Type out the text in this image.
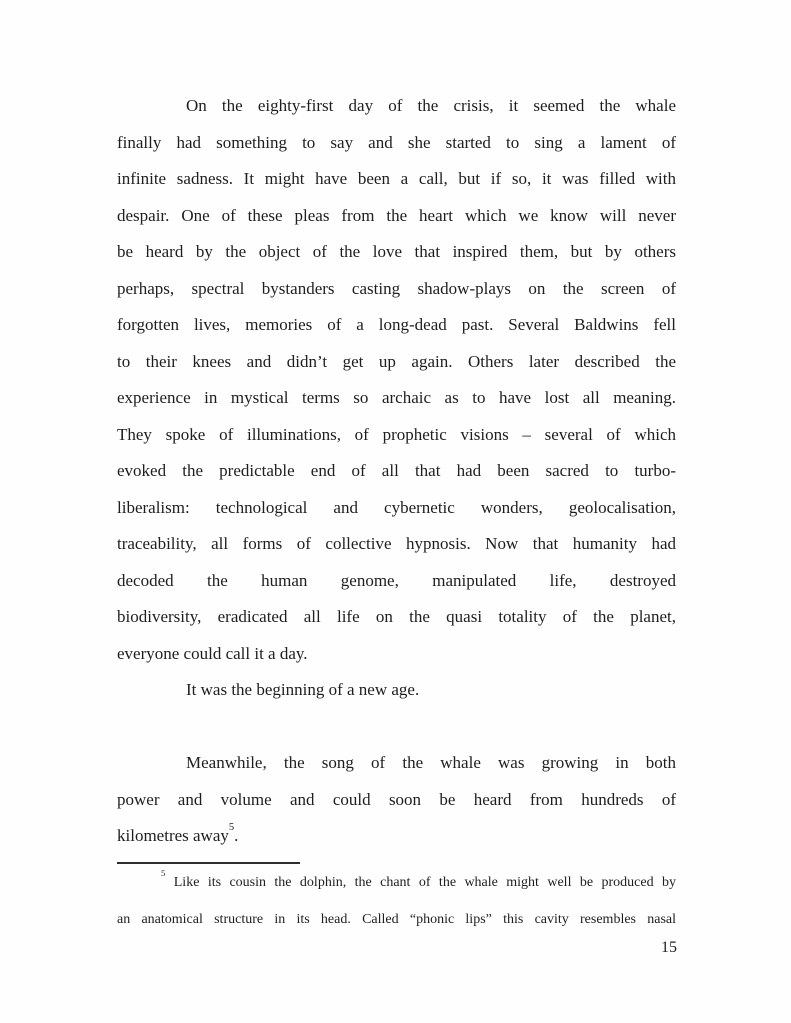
On the eighty-first day of the crisis, it seemed the whale
finally had something to say and she started to sing a lament of
infinite sadness. It might have been a call, but if so, it was filled with
despair. One of these pleas from the heart which we know will never
be heard by the object of the love that inspired them, but by others
perhaps, spectral bystanders casting shadow-plays on the screen of
forgotten lives, memories of a long-dead past. Several Baldwins fell
to their knees and didn’t get up again. Others later described the
experience in mystical terms so archaic as to have lost all meaning.
They spoke of illuminations, of prophetic visions – several of which
evoked the predictable end of all that had been sacred to turbo-
liberalism: technological and cybernetic wonders, geolocalisation,
traceability, all forms of collective hypnosis. Now that humanity had
decoded the human genome, manipulated life, destroyed
biodiversity, eradicated all life on the quasi totality of the planet,
everyone could call it a day.
It was the beginning of a new age.
Meanwhile, the song of the whale was growing in both
power and volume and could soon be heard from hundreds of
kilometres away$^5$.
$^5$ Like its cousin the dolphin, the chant of the whale might well be produced by
an anatomical structure in its head. Called “phonic lips” this cavity resembles nasal
15
